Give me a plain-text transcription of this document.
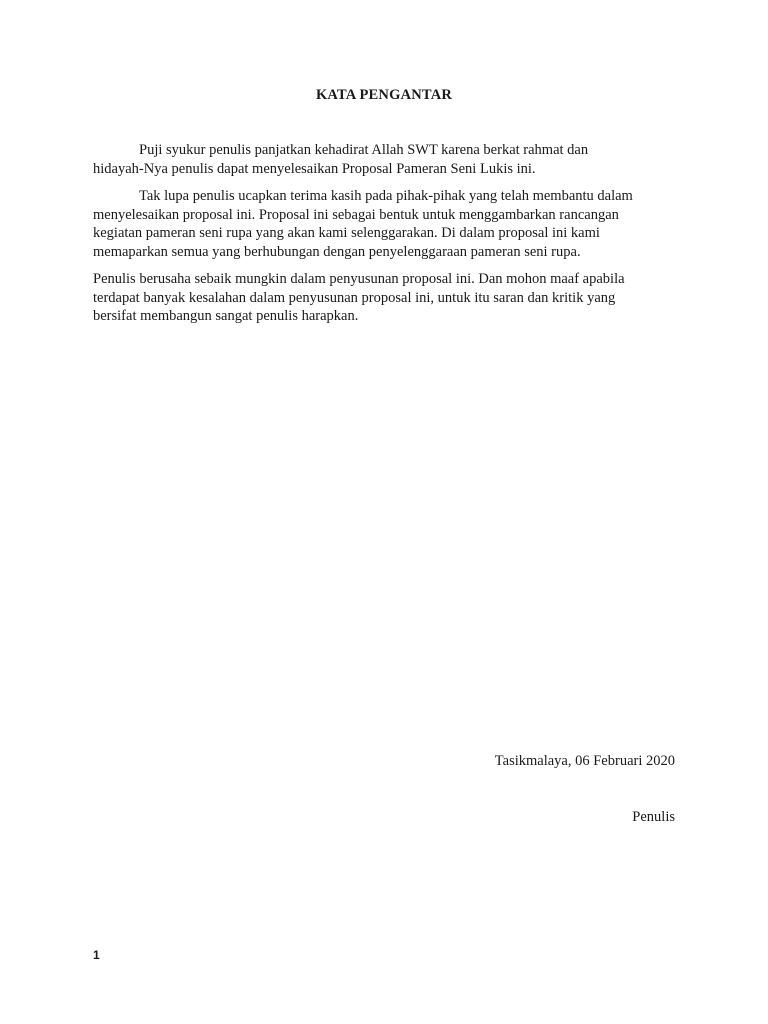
KATA PENGANTAR

Puji syukur penulis panjatkan kehadirat Allah SWT karena berkat rahmat dan
hidayah-Nya penulis dapat menyelesaikan Proposal Pameran Seni Lukis ini.

Tak lupa penulis ucapkan terima kasih pada pihak-pihak yang telah membantu dalam
menyelesaikan proposal ini. Proposal ini sebagai bentuk untuk menggambarkan rancangan
kegiatan pameran seni rupa yang akan kami selenggarakan. Di dalam proposal ini kami
memaparkan semua yang berhubungan dengan penyelenggaraan pameran seni rupa.

Penulis berusaha sebaik mungkin dalam penyusunan proposal ini. Dan mohon maaf apabila
terdapat banyak kesalahan dalam penyusunan proposal ini, untuk itu saran dan kritik yang
bersifat membangun sangat penulis harapkan.

Tasikmalaya, 06 Februari 2020
Penulis
1
